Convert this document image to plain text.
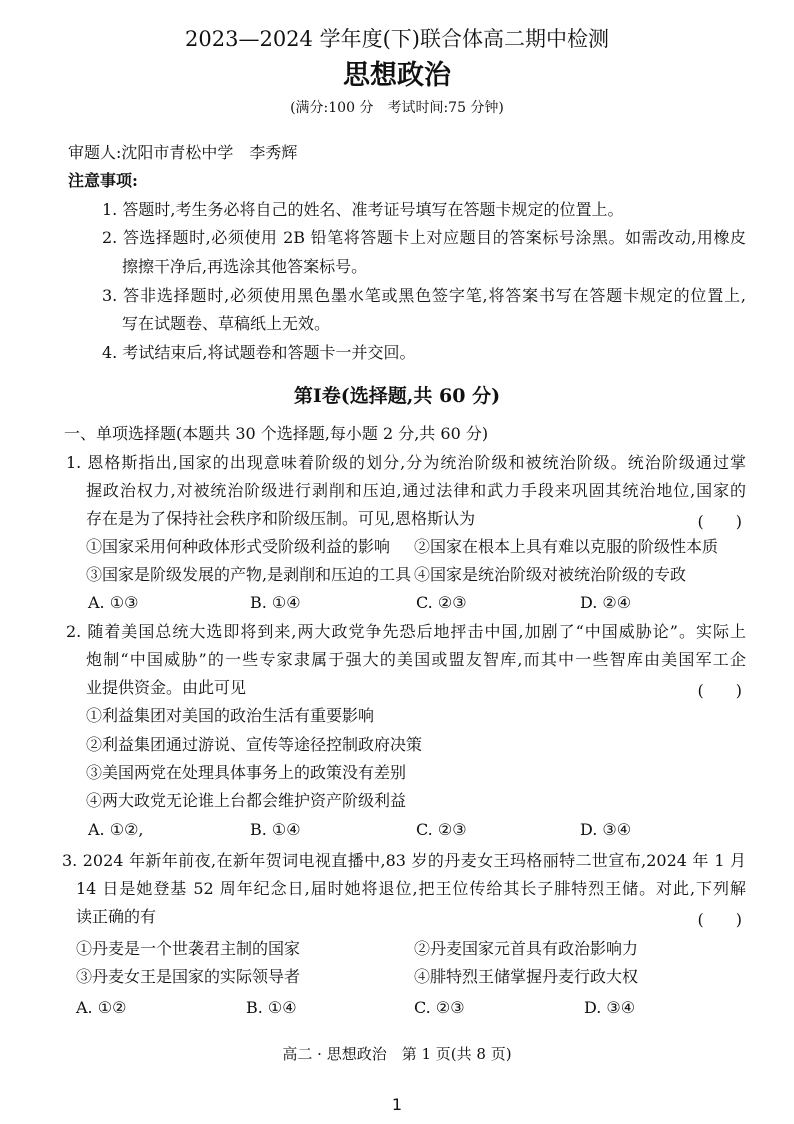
2023—2024 学年度(下)联合体高二期中检测
思想政治
(满分:100 分　考试时间:75 分钟)
审题人:沈阳市青松中学　李秀辉
注意事项:
1. 答题时,考生务必将自己的姓名、准考证号填写在答题卡规定的位置上。
2. 答选择题时,必须使用 2B 铅笔将答题卡上对应题目的答案标号涂黑。如需改动,用橡皮
擦擦干净后,再选涂其他答案标号。
3. 答非选择题时,必须使用黑色墨水笔或黑色签字笔,将答案书写在答题卡规定的位置上,
写在试题卷、草稿纸上无效。
4. 考试结束后,将试题卷和答题卡一并交回。
第Ⅰ卷(选择题,共 60 分)
一、单项选择题(本题共 30 个选择题,每小题 2 分,共 60 分)
1. 恩格斯指出,国家的出现意味着阶级的划分,分为统治阶级和被统治阶级。统治阶级通过掌
握政治权力,对被统治阶级进行剥削和压迫,通过法律和武力手段来巩固其统治地位,国家的
存在是为了保持社会秩序和阶级压制。可见,恩格斯认为	(　　)
①国家采用何种政体形式受阶级利益的影响 ②国家在根本上具有难以克服的阶级性本质
③国家是阶级发展的产物,是剥削和压迫的工具 ④国家是统治阶级对被统治阶级的专政
A. ①③	B. ①④	C. ②③	D. ②④
2. 随着美国总统大选即将到来,两大政党争先恐后地抨击中国,加剧了“中国威胁论”。实际上
炮制“中国威胁”的一些专家隶属于强大的美国或盟友智库,而其中一些智库由美国军工企
业提供资金。由此可见	(　　)
①利益集团对美国的政治生活有重要影响
②利益集团通过游说、宣传等途径控制政府决策
③美国两党在处理具体事务上的政策没有差别
④两大政党无论谁上台都会维护资产阶级利益
A. ①②,	B. ①④	C. ②③	D. ③④
3. 2024 年新年前夜,在新年贺词电视直播中,83 岁的丹麦女王玛格丽特二世宣布,2024 年 1 月
14 日是她登基 52 周年纪念日,届时她将退位,把王位传给其长子腓特烈王储。对此,下列解
读正确的有	(　　)
①丹麦是一个世袭君主制的国家	②丹麦国家元首具有政治影响力
③丹麦女王是国家的实际领导者	④腓特烈王储掌握丹麦行政大权
A. ①②	B. ①④	C. ②③	D. ③④
高二 · 思想政治　第 1 页(共 8 页)
1
